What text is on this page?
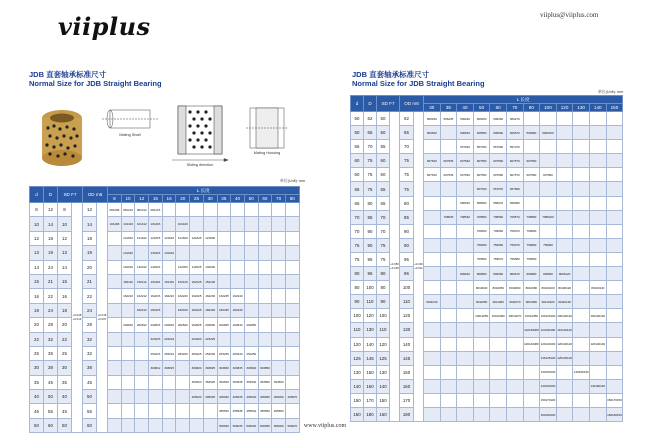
viiplus	viiplus@viiplus.com
JDB 直套轴承标准尺寸
Normal Size for JDB Straight Bearing
Mating Shaft
Sliding direction
Mating Housing
单位(Unit): mm
d	D	SD F7		OD m6		L 长度													
						8	10	12	15	16	20	25	30	35	40	50	60	70	80
8	12	8	+0.028 +0.013	12	+0.018 +0.007	081208	081210	081212	081215										
10	14	10		14		101408	101410	101412	101415		101420								
12	18	12		18			121810	121812	121815	121816	121820	121825	121830						
13	19	13		19			131910		131915	131916									
14	24	14		20			142010	142012	142015		142020	142025	142030						
15	21	15		21			152110	152112	152115	152116	152120	152125	152130						
16	22	16		22			162210	162212	162215	162216	162220	162225	162230	162235	162240				
18	24	18		24				182412	182415		182420	182425	182430	182435	182440				
20	28	20		28			202810	202812	202815	202816	202820	202825	202830	202835	202840	202850			
22	32	22		32					223215	223216		223220	223225						
25	35	25		32					253215	253216	253220	253225	253230	253235	253240	253250			
30	38	30		38					303812	303815		303820	303825	303830	303835	303840	303850		
35	45	35		45								354520	354525	354530	354535	354540	354550	354560	
40	50	40		50								405020	405025	405030	405035	405040	405050	405060	405070
45	55	45		55										455530	455535	455540	455550	455560	
50	60	50		60										506030	506035	506040	506050	506060	506070
JDB 直套轴承标准尺寸
Normal Size for JDB Straight Bearing
单位(Unit): mm
d	D	SD F7		OD m6		L 长度											
						30	35	40	50	60	70	80	100	120	130	140	150
50	62	50	+0.050 +0.025	62	+0.030 +0.011	506230	506235	506240	506250	506260	506270						
50	65	50		65		506530		506540	506550	506560	506570	506580	5065100				
55	70	55		70				557040	557050	557060	557070						
60	75	60		75		607530	607535	607540	607550	607560	607570	607580					
60	75	60		75		607530	607535	607540	607550	607560	607570	607580	607590				
65	75	65		75					657540	657570	657580						
65	80	65		80				658040	658060	658070	658080						
70	85	70		85			708535	708540	708550	708560	708570	708580	7085100				
70	90	70		90					709050	709060	709070	709080					
75	90	75		90					759050	759060	759070	759080	759090				
75	95	75		95					759560	759570	759580	759590					
80	96	80		96				809640	809650	809660	809670	809680	809690	8096120			
80	100	80		100					8010040	8010050	8010060	8010080	80100100	80100120		80100140	
90	110	90		110		9011030			9011050	9011060	9011070	9011080	90110100	90110120			
100	120	100		120					10012050	10012060	10012070	10012080	100120100	100120120		100120140	
110	130	110		130								110130080	110130100	110130120			
120	140	120		140								120140080	120140100	120140120		120140140	
125	145	125		145									125145100	125145120			
130	150	130		150									130150100		130150130		
140	160	140		160									140160100			140160140	
150	170	150		170									150170100				150170150
160	180	160		180									160180100				160180150
www.viiplus.com
